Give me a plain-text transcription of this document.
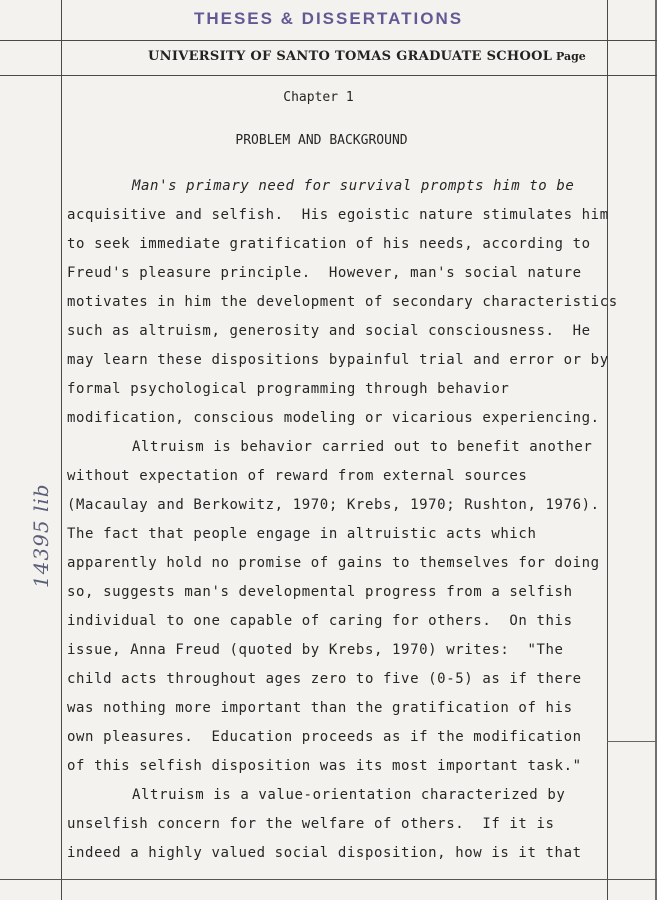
THESES & DISSERTATIONS
UNIVERSITY OF SANTO TOMAS GRADUATE SCHOOL Page
Chapter 1
PROBLEM AND BACKGROUND
Man's primary need for survival prompts him to be
acquisitive and selfish.  His egoistic nature stimulates him
to seek immediate gratification of his needs, according to
Freud's pleasure principle.  However, man's social nature
motivates in him the development of secondary characteristics
such as altruism, generosity and social consciousness.  He
may learn these dispositions bypainful trial and error or by
formal psychological programming through behavior
modification, conscious modeling or vicarious experiencing.
Altruism is behavior carried out to benefit another
without expectation of reward from external sources
(Macaulay and Berkowitz, 1970; Krebs, 1970; Rushton, 1976).
The fact that people engage in altruistic acts which
apparently hold no promise of gains to themselves for doing
so, suggests man's developmental progress from a selfish
individual to one capable of caring for others.  On this
issue, Anna Freud (quoted by Krebs, 1970) writes:  "The
child acts throughout ages zero to five (0-5) as if there
was nothing more important than the gratification of his
own pleasures.  Education proceeds as if the modification
of this selfish disposition was its most important task."
Altruism is a value-orientation characterized by
unselfish concern for the welfare of others.  If it is
indeed a highly valued social disposition, how is it that
14395 lib
